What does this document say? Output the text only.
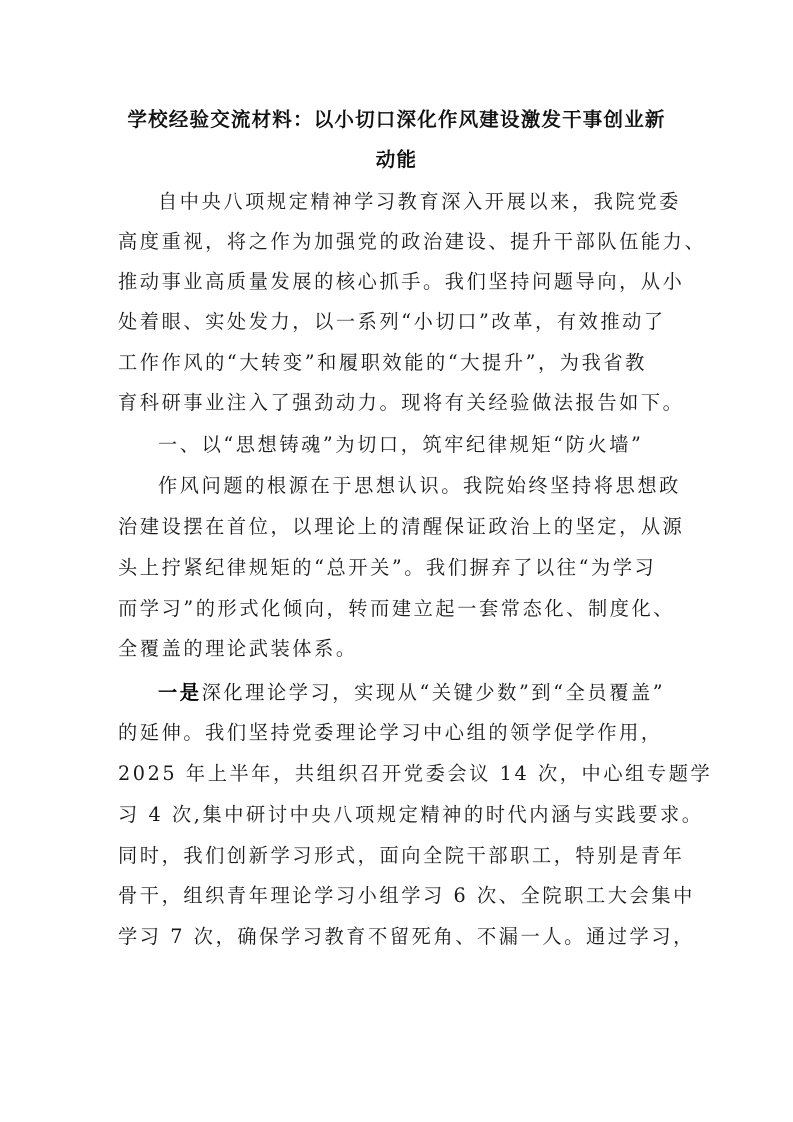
学校经验交流材料：以小切口深化作风建设激发干事创业新
动能
自中央八项规定精神学习教育深入开展以来，我院党委
高度重视，将之作为加强党的政治建设、提升干部队伍能力、
推动事业高质量发展的核心抓手。我们坚持问题导向，从小
处着眼、实处发力，以一系列“小切口”改革，有效推动了
工作作风的“大转变”和履职效能的“大提升”，为我省教
育科研事业注入了强劲动力。现将有关经验做法报告如下。
一、以“思想铸魂”为切口，筑牢纪律规矩“防火墙”
作风问题的根源在于思想认识。我院始终坚持将思想政
治建设摆在首位，以理论上的清醒保证政治上的坚定，从源
头上拧紧纪律规矩的“总开关”。我们摒弃了以往“为学习
而学习”的形式化倾向，转而建立起一套常态化、制度化、
全覆盖的理论武装体系。
一是深化理论学习，实现从“关键少数”到“全员覆盖”
的延伸。我们坚持党委理论学习中心组的领学促学作用，
2025 年上半年，共组织召开党委会议 14 次，中心组专题学
习 4 次,集中研讨中央八项规定精神的时代内涵与实践要求。
同时，我们创新学习形式，面向全院干部职工，特别是青年
骨干，组织青年理论学习小组学习 6 次、全院职工大会集中
学习 7 次，确保学习教育不留死角、不漏一人。通过学习，
